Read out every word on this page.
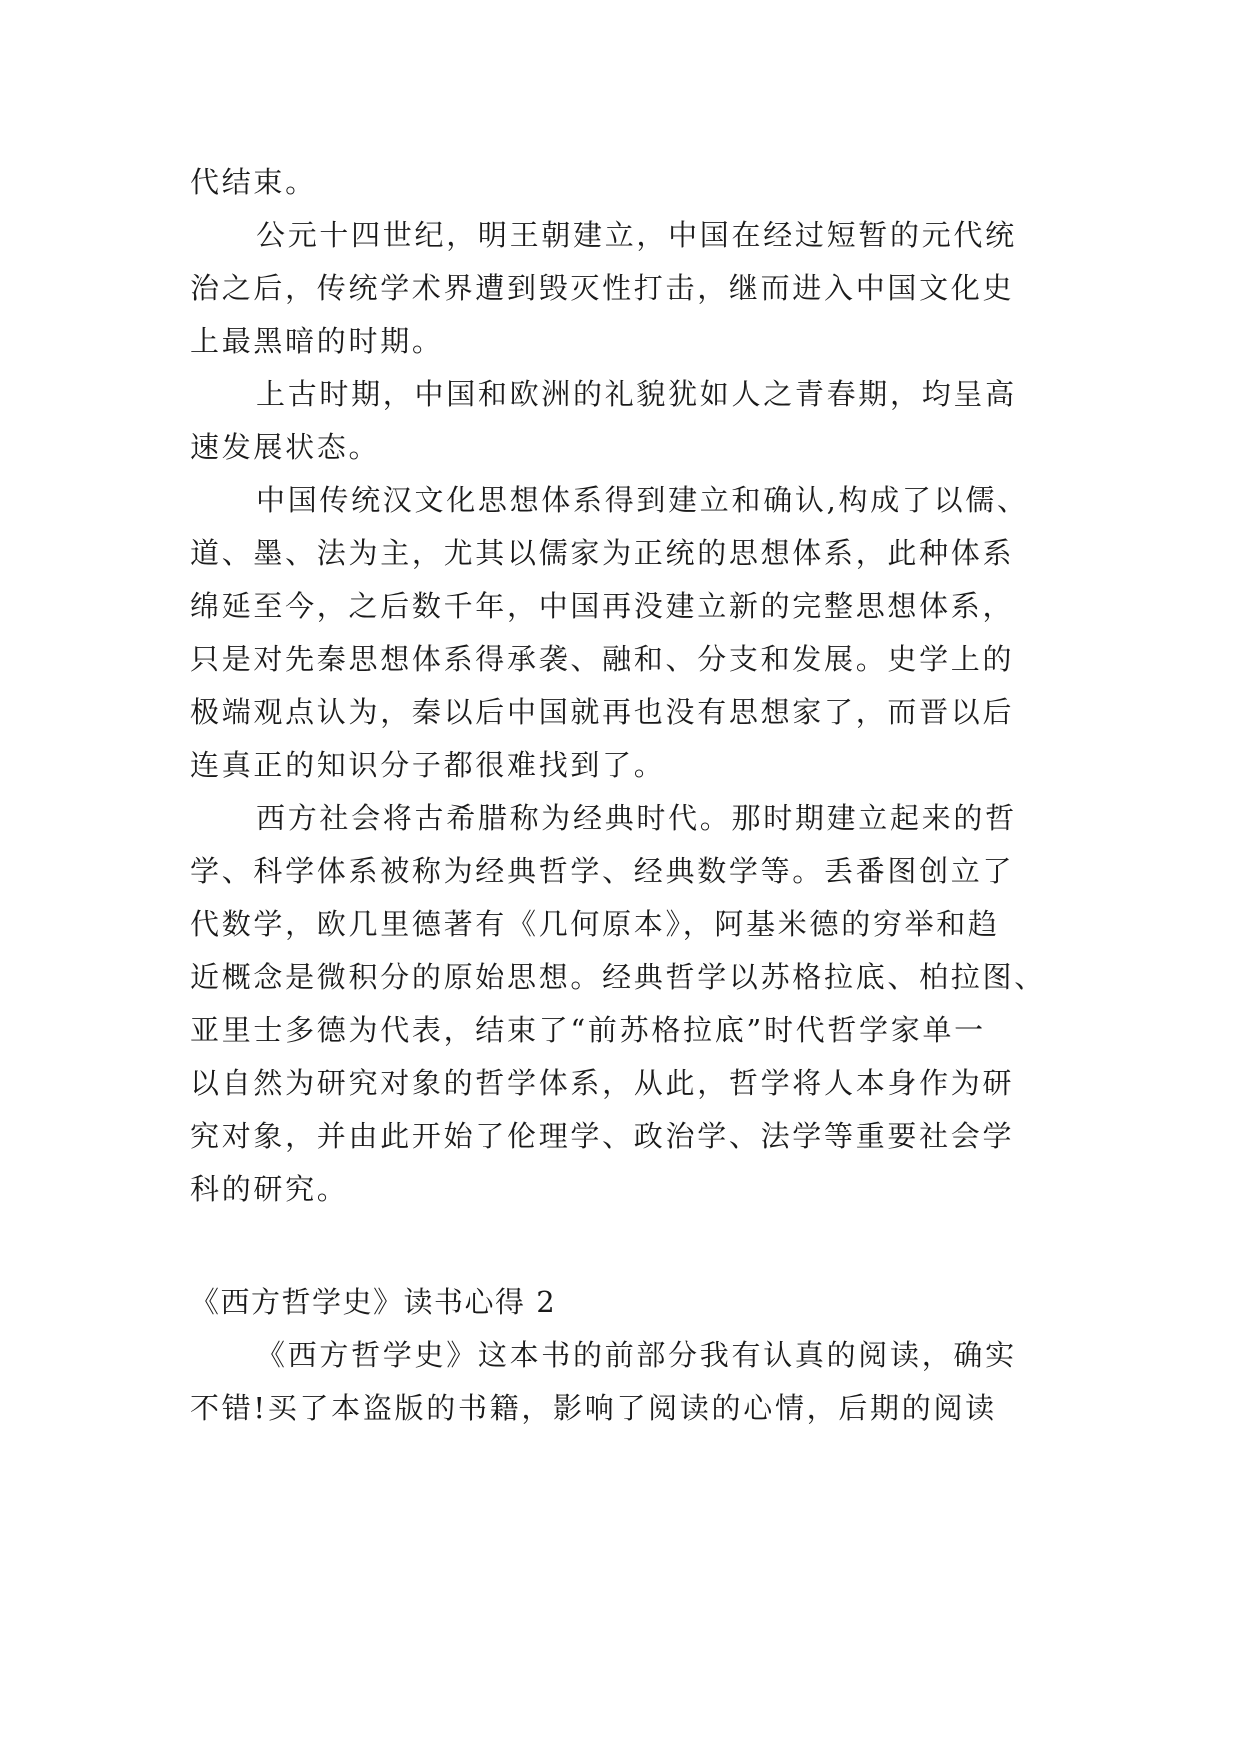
代结束。
公元十四世纪，明王朝建立，中国在经过短暂的元代统
治之后，传统学术界遭到毁灭性打击，继而进入中国文化史
上最黑暗的时期。
上古时期，中国和欧洲的礼貌犹如人之青春期，均呈高
速发展状态。
中国传统汉文化思想体系得到建立和确认,构成了以儒、
道、墨、法为主，尤其以儒家为正统的思想体系，此种体系
绵延至今，之后数千年，中国再没建立新的完整思想体系，
只是对先秦思想体系得承袭、融和、分支和发展。史学上的
极端观点认为，秦以后中国就再也没有思想家了，而晋以后
连真正的知识分子都很难找到了。
西方社会将古希腊称为经典时代。那时期建立起来的哲
学、科学体系被称为经典哲学、经典数学等。丢番图创立了
代数学，欧几里德著有《几何原本》，阿基米德的穷举和趋
近概念是微积分的原始思想。经典哲学以苏格拉底、柏拉图、
亚里士多德为代表，结束了“前苏格拉底”时代哲学家单一
以自然为研究对象的哲学体系，从此，哲学将人本身作为研
究对象，并由此开始了伦理学、政治学、法学等重要社会学
科的研究。
《西方哲学史》读书心得 2
《西方哲学史》这本书的前部分我有认真的阅读，确实
不错!买了本盗版的书籍，影响了阅读的心情，后期的阅读
